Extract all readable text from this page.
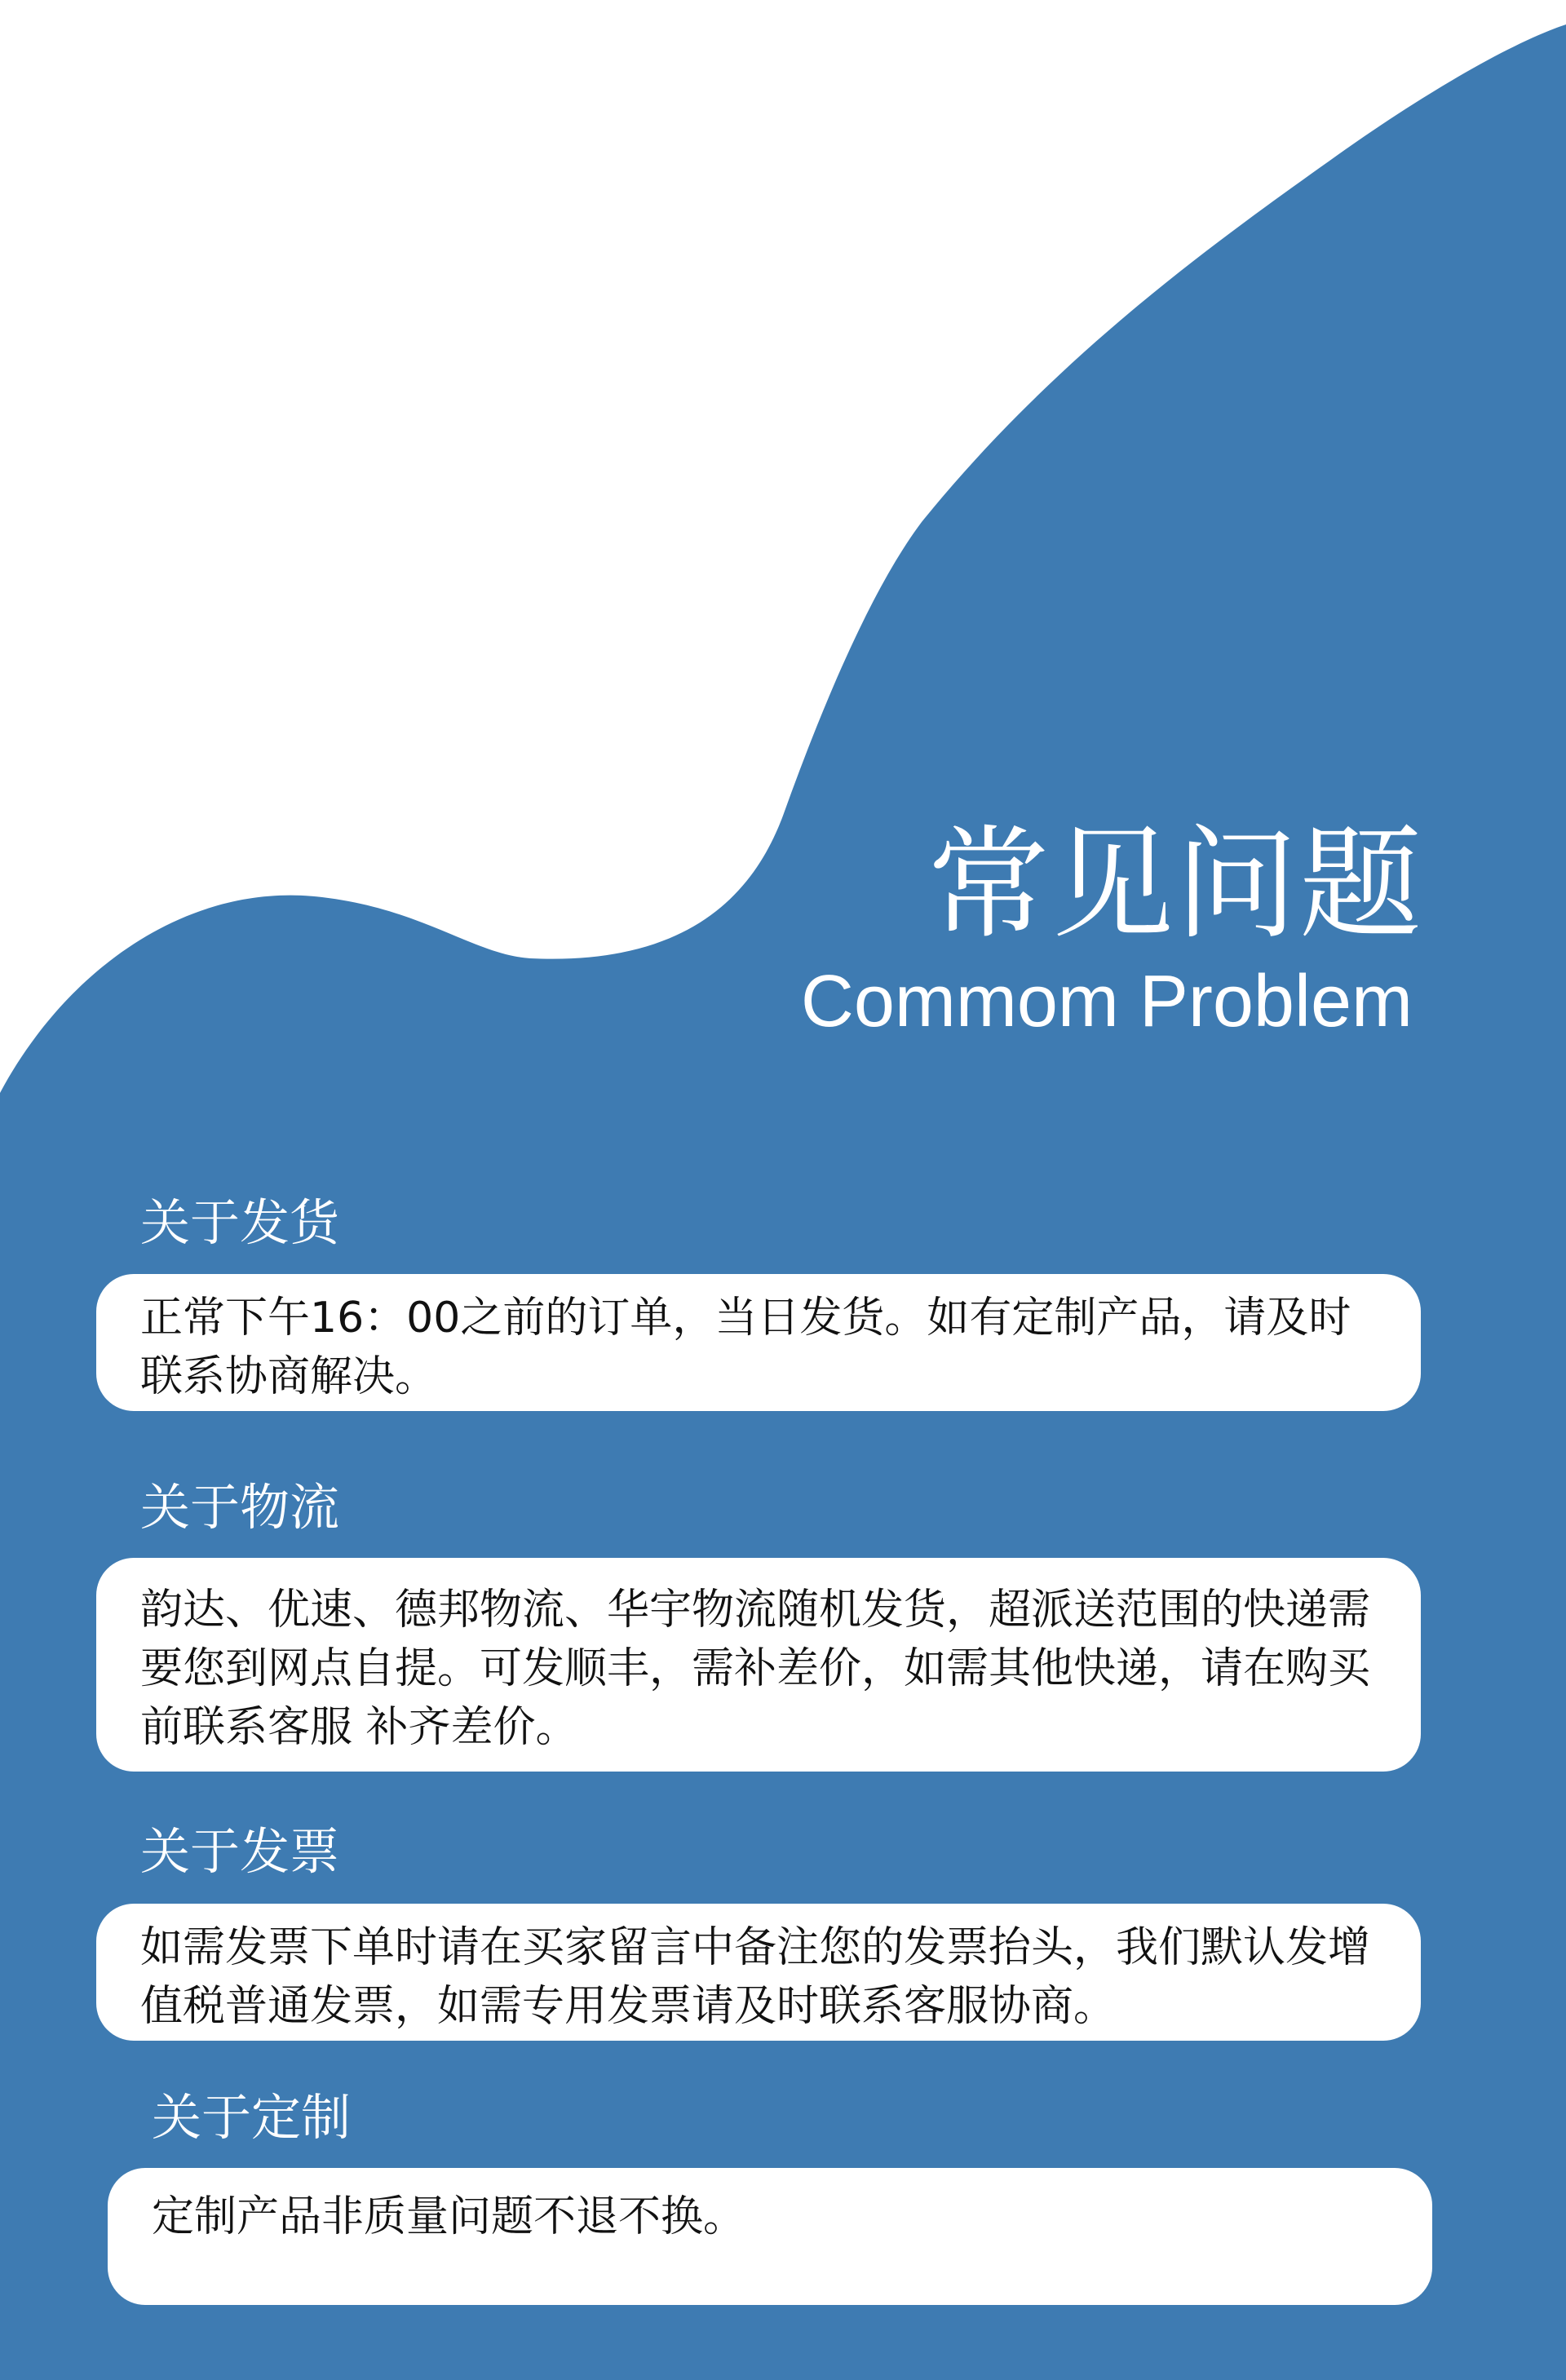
常见问题
Commom Problem
关于发货

正常下午16：00之前的订单，当日发货。如有定制产品，请及时联系协商解决。

关于物流

韵达、优速、德邦物流、华宇物流随机发货，超派送范围的快递需要您到网点自提。可发顺丰，需补差价，如需其他快递，请在购买前联系客服 补齐差价。

关于发票

如需发票下单时请在买家留言中备注您的发票抬头，我们默认发增值税普通发票，如需专用发票请及时联系客服协商。

关于定制

定制产品非质量问题不退不换。
